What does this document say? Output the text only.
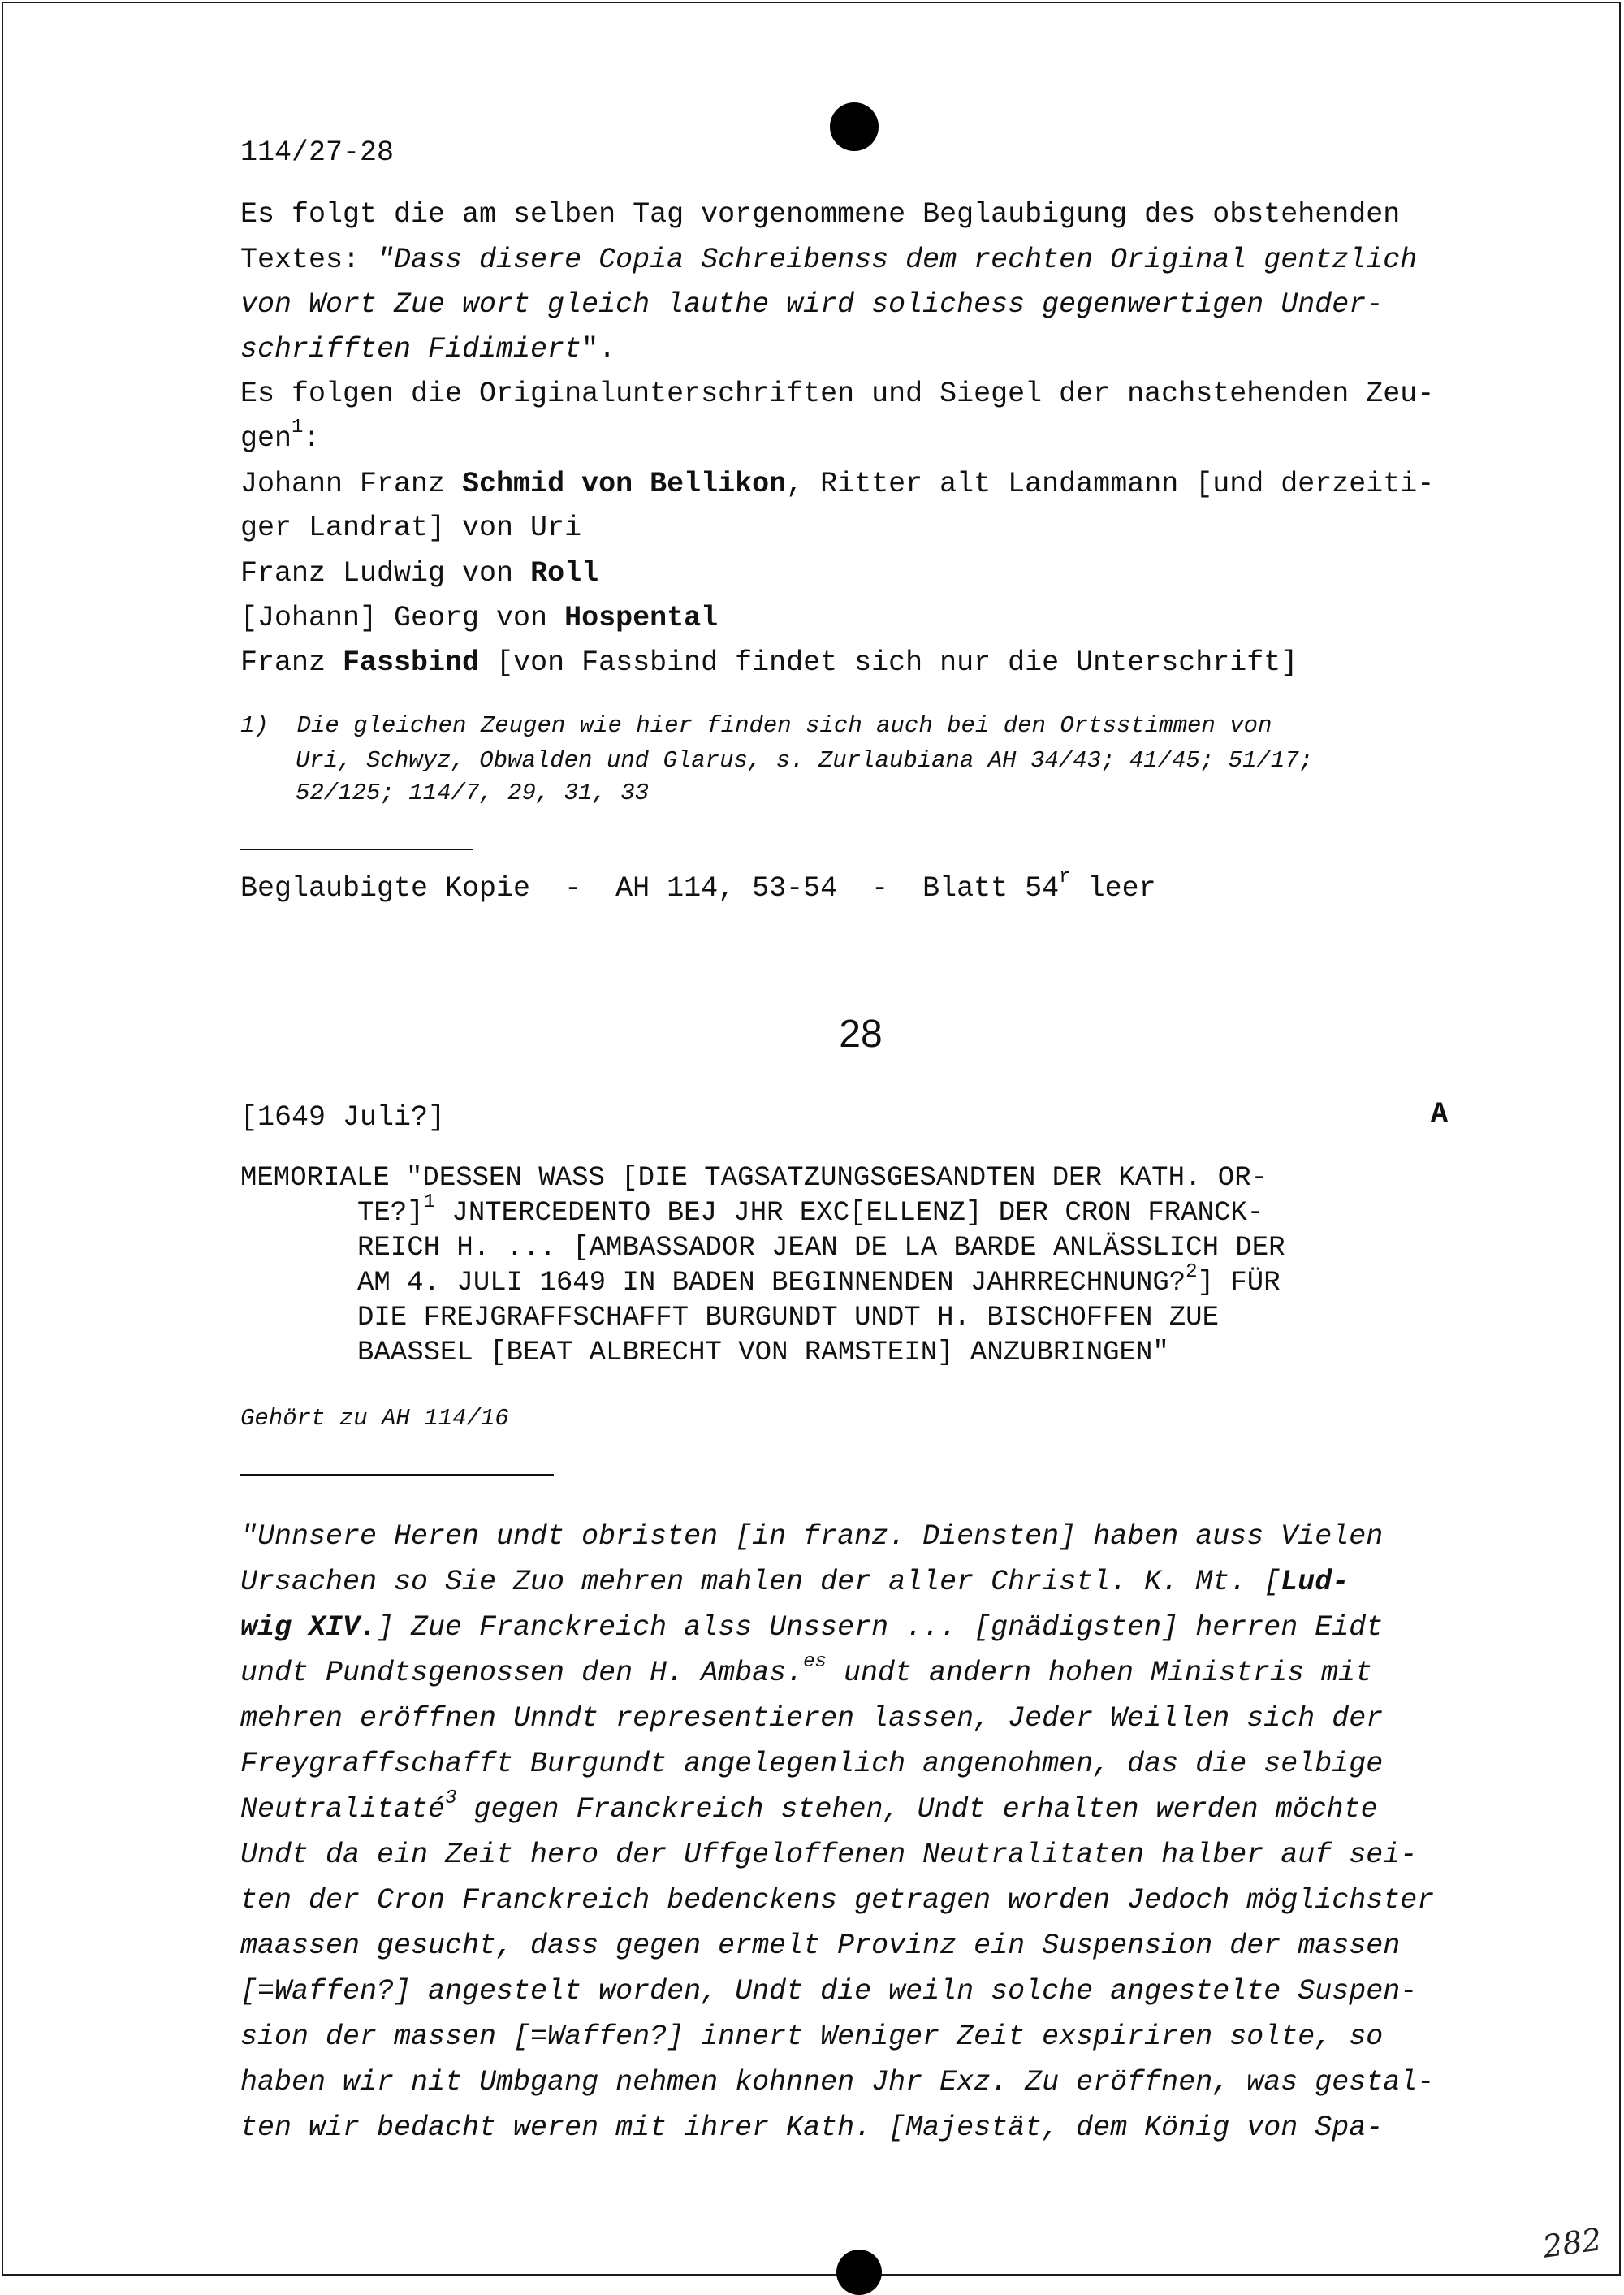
114/27-28
Es folgt die am selben Tag vorgenommene Beglaubigung des obstehenden
Textes: "Dass disere Copia Schreibenss dem rechten Original gentzlich
von Wort Zue wort gleich lauthe wird solichess gegenwertigen Under-
schrifften Fidimiert".
Es folgen die Originalunterschriften und Siegel der nachstehenden Zeu-
gen$^1$:
Johann Franz Schmid von Bellikon, Ritter alt Landammann [und derzeiti-
ger Landrat] von Uri
Franz Ludwig von Roll
[Johann] Georg von Hospental
Franz Fassbind [von Fassbind findet sich nur die Unterschrift]
1)  Die gleichen Zeugen wie hier finden sich auch bei den Ortsstimmen von
Uri, Schwyz, Obwalden und Glarus, s. Zurlaubiana AH 34/43; 41/45; 51/17;
52/125; 114/7, 29, 31, 33
Beglaubigte Kopie  -  AH 114, 53-54  -  Blatt 54$^r$ leer
28
[1649 Juli?]	A
MEMORIALE "DESSEN WASS [DIE TAGSATZUNGSGESANDTEN DER KATH. OR-
TE?]$^1$ JNTERCEDENTO BEJ JHR EXC[ELLENZ] DER CRON FRANCK-
REICH H. ... [AMBASSADOR JEAN DE LA BARDE ANLÄSSLICH DER
AM 4. JULI 1649 IN BADEN BEGINNENDEN JAHRRECHNUNG?$^2$] FÜR
DIE FREJGRAFFSCHAFFT BURGUNDT UNDT H. BISCHOFFEN ZUE
BAASSEL [BEAT ALBRECHT VON RAMSTEIN] ANZUBRINGEN"
Gehört zu AH 114/16
"Unnsere Heren undt obristen [in franz. Diensten] haben auss Vielen
Ursachen so Sie Zuo mehren mahlen der aller Christl. K. Mt. [Lud-
wig XIV.] Zue Franckreich alss Unssern ... [gnädigsten] herren Eidt
undt Pundtsgenossen den H. Ambas.$^{es}$ undt andern hohen Ministris mit
mehren eröffnen Unndt representieren lassen, Jeder Weillen sich der
Freygraffschafft Burgundt angelegenlich angenohmen, das die selbige
Neutralitaté$^3$ gegen Franckreich stehen, Undt erhalten werden möchte
Undt da ein Zeit hero der Uffgeloffenen Neutralitaten halber auf sei-
ten der Cron Franckreich bedenckens getragen worden Jedoch möglichster
maassen gesucht, dass gegen ermelt Provinz ein Suspension der massen
[=Waffen?] angestelt worden, Undt die weiln solche angestelte Suspen-
sion der massen [=Waffen?] innert Weniger Zeit exspiriren solte, so
haben wir nit Umbgang nehmen kohnnen Jhr Exz. Zu eröffnen, was gestal-
ten wir bedacht weren mit ihrer Kath. [Majestät, dem König von Spa-
282
